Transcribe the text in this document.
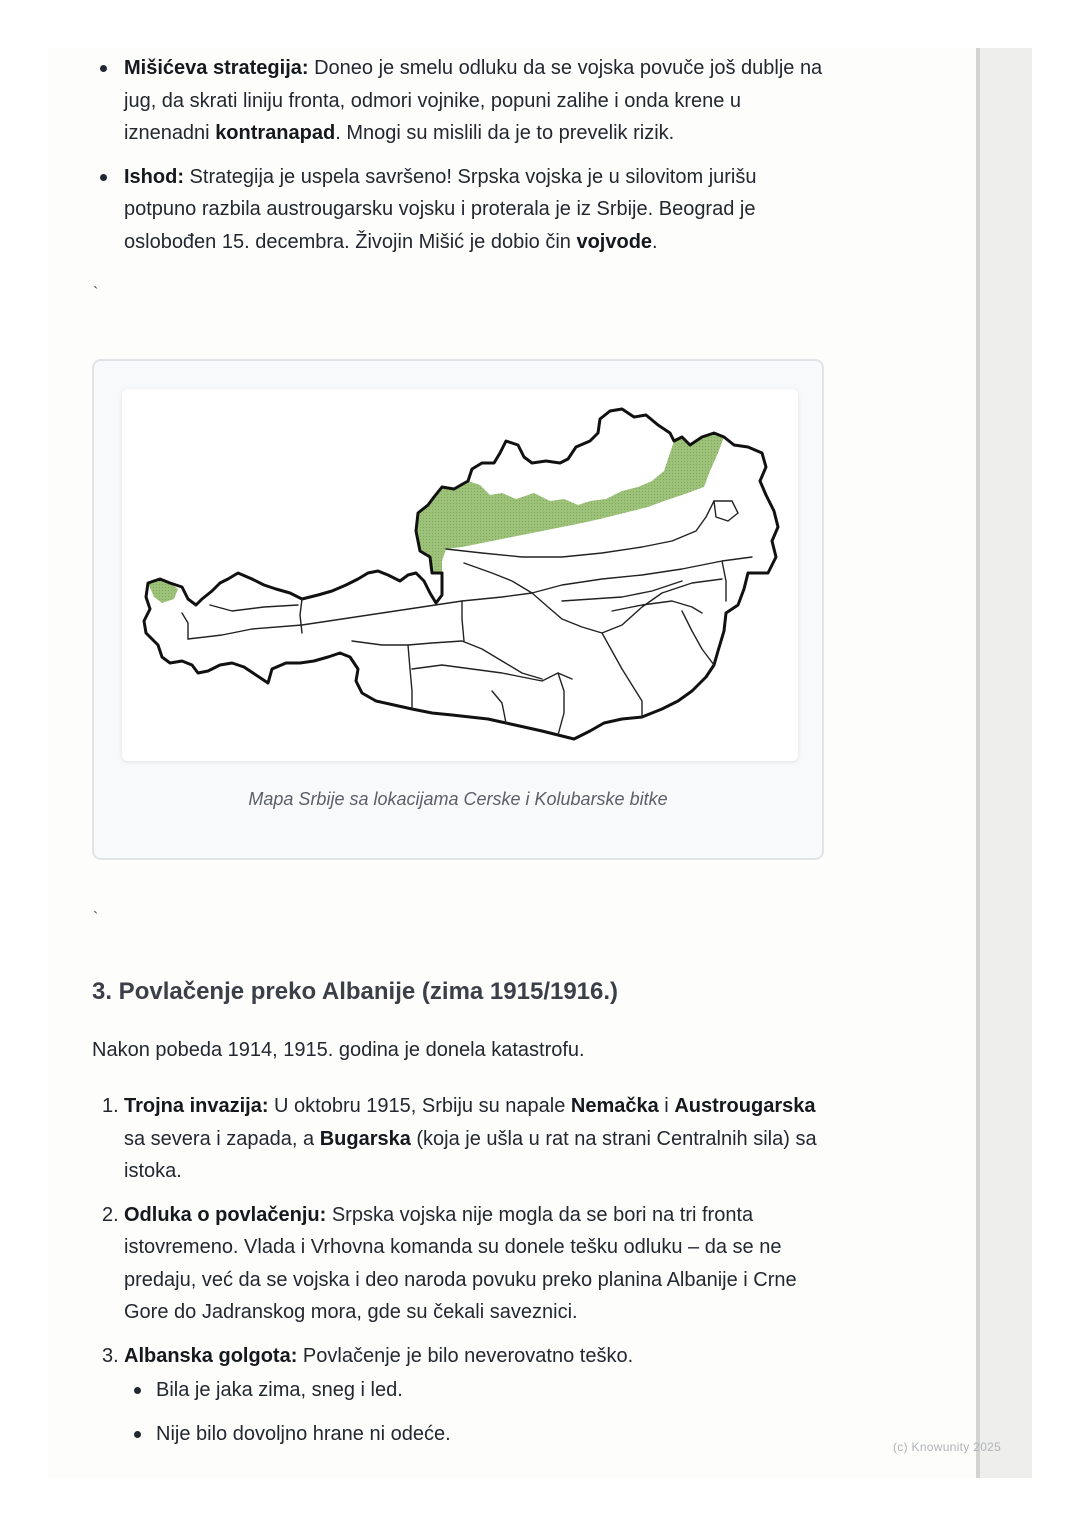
Mišićeva strategija: Doneo je smelu odluku da se vojska povuče još dublje na jug, da skrati liniju fronta, odmori vojnike, popuni zalihe i onda krene u iznenadni kontranapad. Mnogi su mislili da je to prevelik rizik.
Ishod: Strategija je uspela savršeno! Srpska vojska je u silovitom jurišu potpuno razbila austrougarsku vojsku i proterala je iz Srbije. Beograd je oslobođen 15. decembra. Živojin Mišić je dobio čin vojvode.
`
Mapa Srbije sa lokacijama Cerske i Kolubarske bitke
`
3. Povlačenje preko Albanije (zima 1915/1916.)

Nakon pobeda 1914, 1915. godina je donela katastrofu.

1. Trojna invazija: U oktobru 1915, Srbiju su napale Nemačka i Austrougarska sa severa i zapada, a Bugarska (koja je ušla u rat na strani Centralnih sila) sa istoka.
2. Odluka o povlačenju: Srpska vojska nije mogla da se bori na tri fronta istovremeno. Vlada i Vrhovna komanda su donele tešku odluku – da se ne predaju, već da se vojska i deo naroda povuku preko planina Albanije i Crne Gore do Jadranskog mora, gde su čekali saveznici.
3. Albanska golgota: Povlačenje je bilo neverovatno teško.
Bila je jaka zima, sneg i led.
Nije bilo dovoljno hrane ni odeće.
(c) Knowunity 2025
